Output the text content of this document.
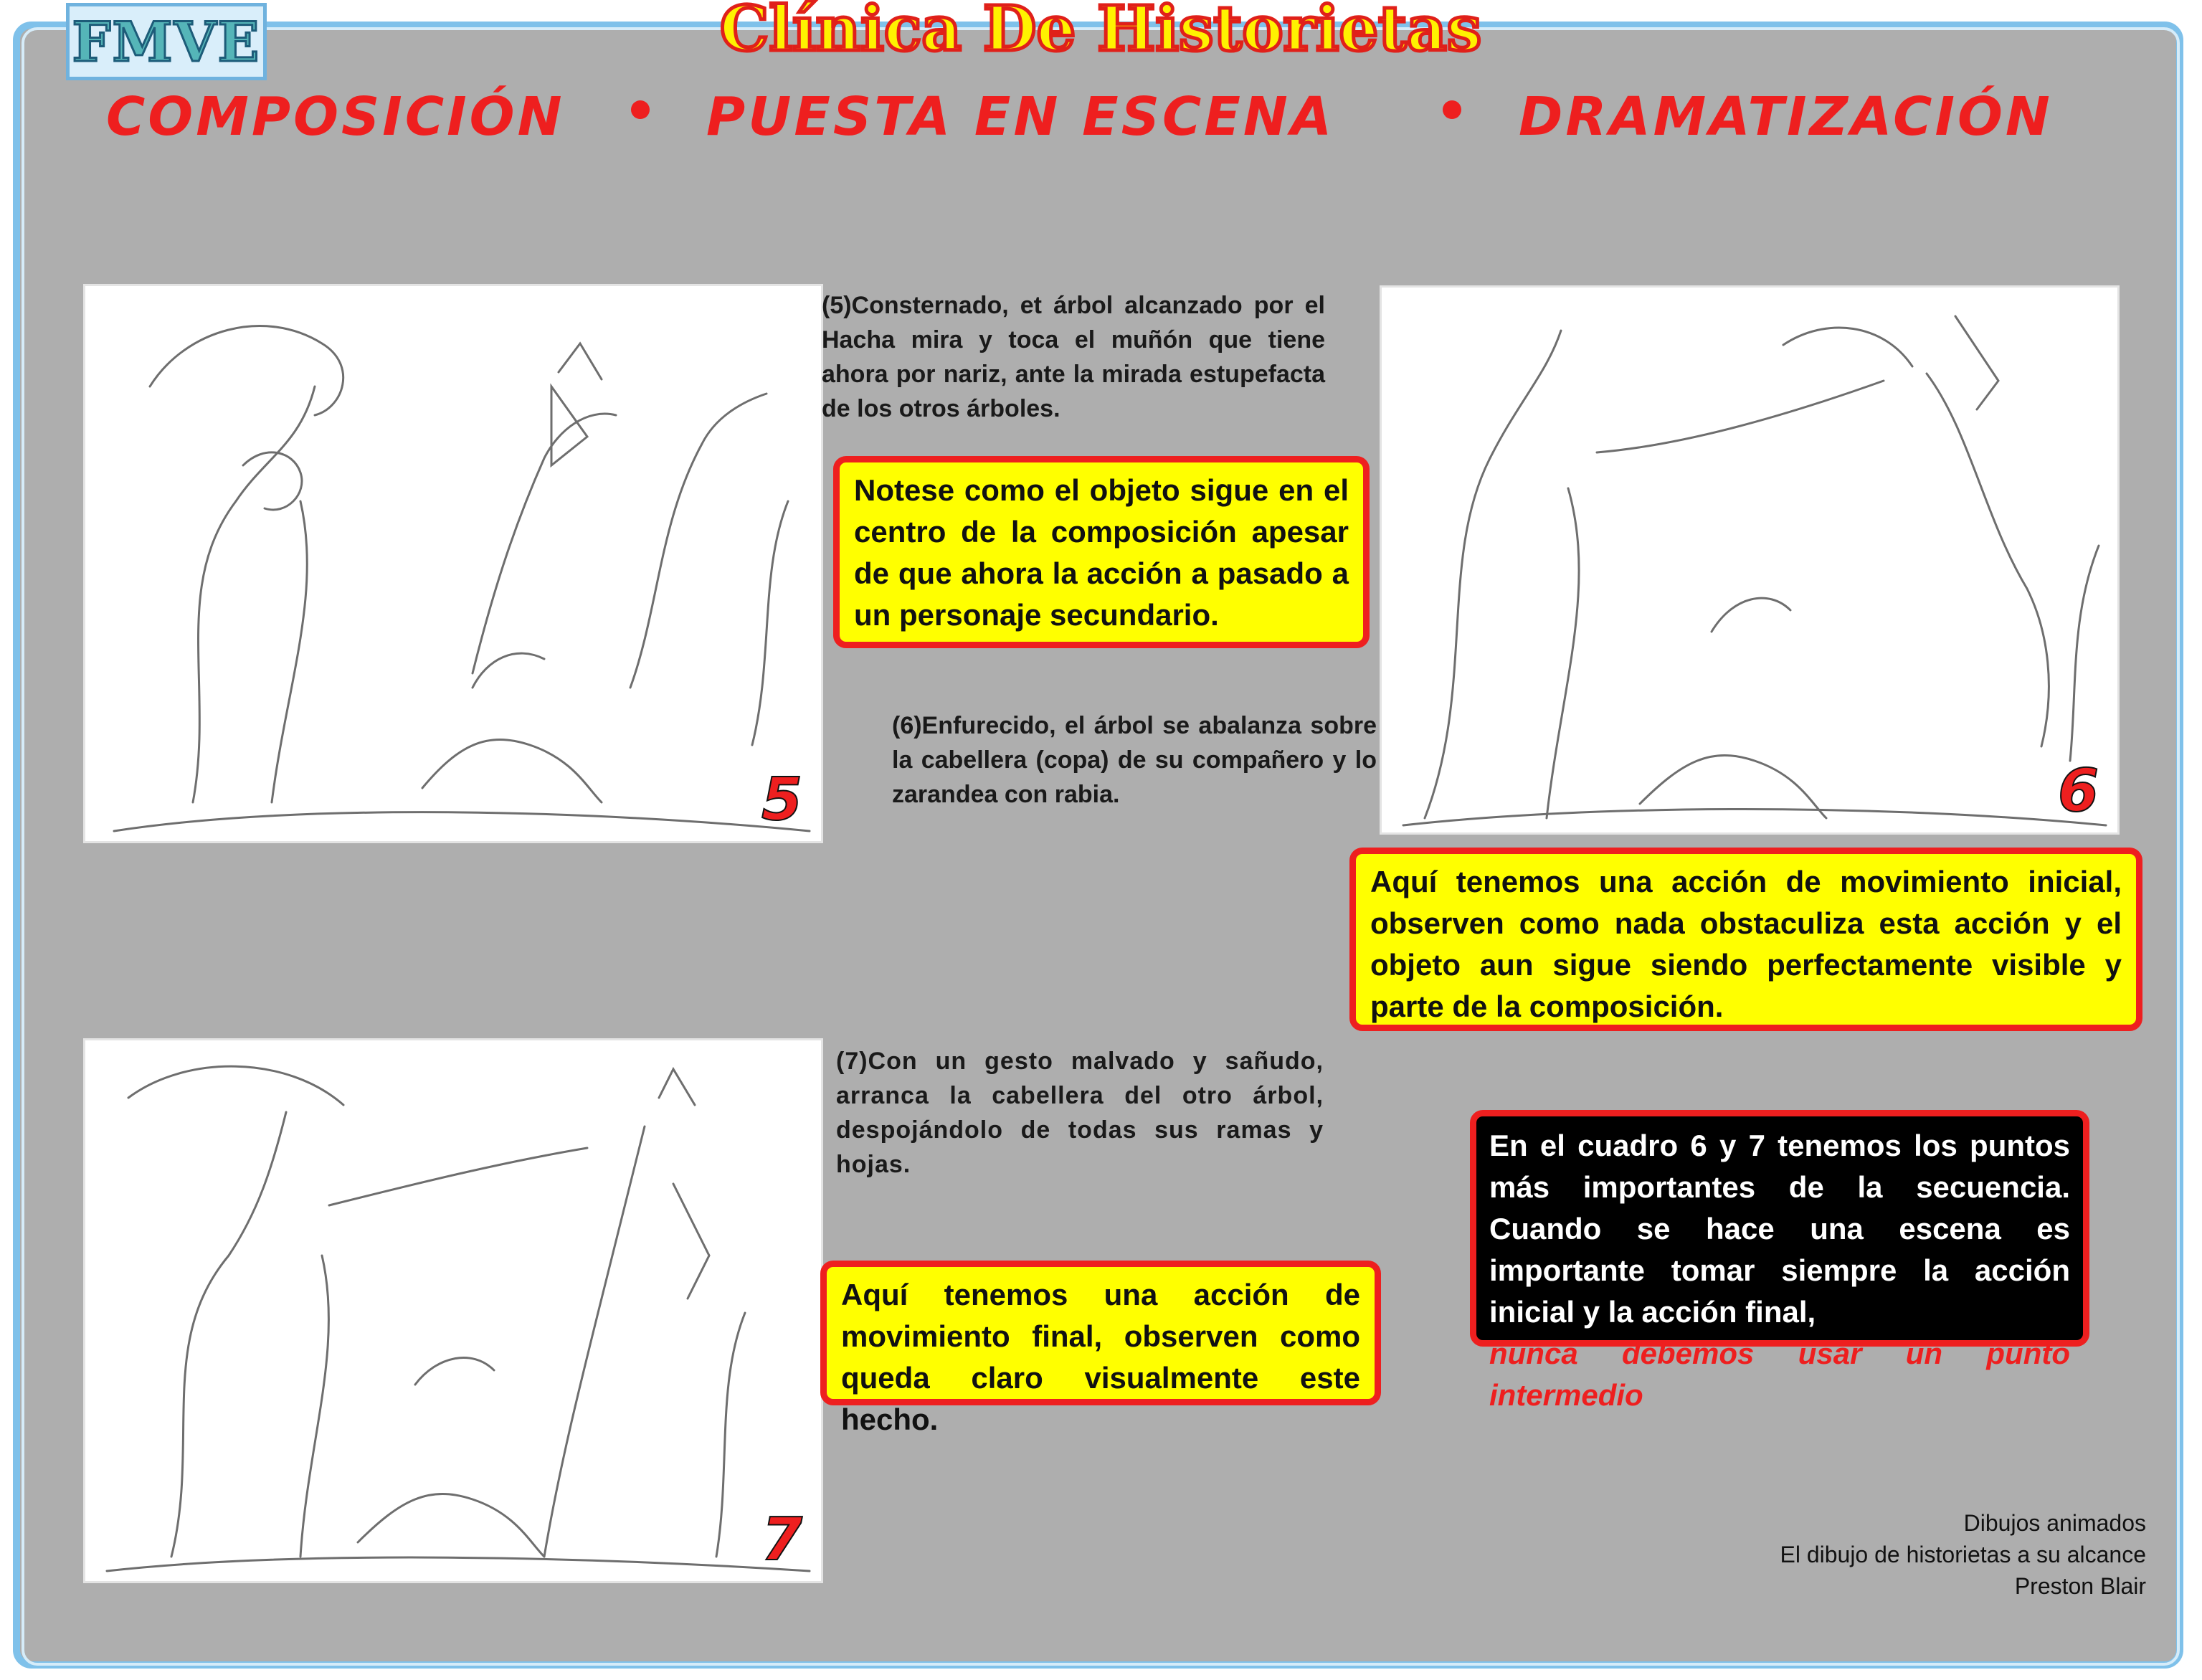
FMVE	Clínica De Historietas
COMPOSICIÓN	PUESTA EN ESCENA	DRAMATIZACIÓN
5
(5)Consternado, et árbol alcanzado por el Hacha mira y toca el muñón que tiene ahora por nariz, ante la mirada estupefacta de los otros árboles.
Notese como el objeto sigue en el centro de la composición apesar de que ahora la acción a pasado a un personaje secundario.
(6)Enfurecido, el árbol se abalanza sobre la cabellera (copa) de su compañero y lo zarandea con rabia.	6
Aquí tenemos una acción de movimiento inicial, observen como nada obstaculiza esta acción y el objeto aun sigue siendo perfectamente visible y parte de la composición.
7
(7)Con un gesto malvado y sañudo, arranca la cabellera del otro árbol, despojándolo de todas sus ramas y hojas.
Aquí tenemos una acción de movimiento final, observen como queda claro visualmente este hecho.
En el cuadro 6 y 7 tenemos los puntos más importantes de la secuencia. Cuando se hace una escena es importante tomar siempre la acción inicial y la acción final,
nunca debemos usar un punto intermedio
Dibujos animados
El dibujo de historietas a su alcance
Preston Blair
